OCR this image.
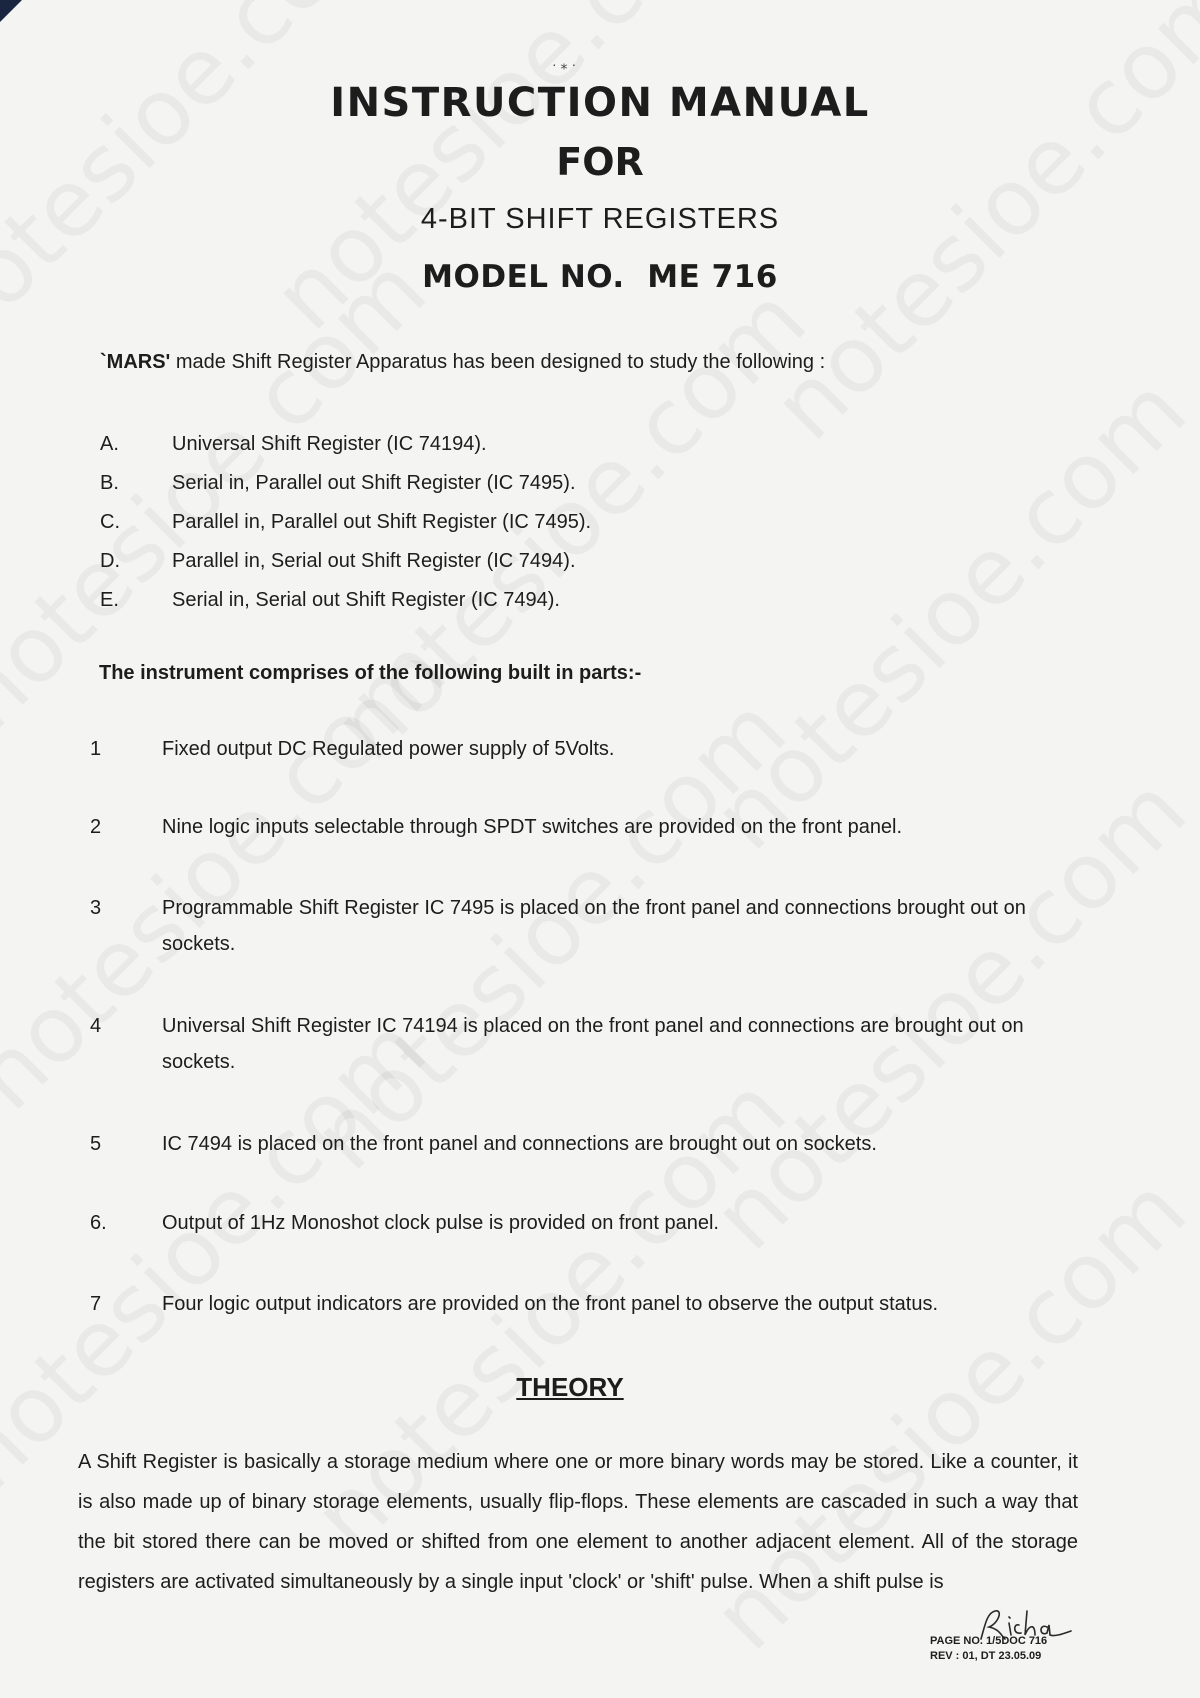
· ⁎ ·
INSTRUCTION MANUAL
FOR
4-BIT SHIFT REGISTERS
MODEL NO.  ME 716
`MARS' made Shift Register Apparatus has been designed to study the following :
A.	Universal Shift Register (IC 74194).
B.	Serial in, Parallel out Shift Register (IC 7495).
C.	Parallel in, Parallel out Shift Register (IC 7495).
D.	Parallel in, Serial out Shift Register (IC 7494).
E.	Serial in, Serial out Shift Register (IC 7494).
The instrument comprises of the following built in parts:-
1	Fixed output DC Regulated power supply of 5Volts.
2	Nine logic inputs selectable through SPDT switches are provided on the front panel.
3	Programmable Shift Register IC 7495 is placed on the front panel and connections brought out on sockets.
4	Universal Shift Register IC 74194 is placed on the front panel and connections are brought out on sockets.
5	IC 7494 is placed on the front panel and connections are brought out on sockets.
6.	Output of 1Hz Monoshot clock pulse is provided on front panel.
7	Four logic output indicators are provided on the front panel to observe the output status.
THEORY
A Shift Register is basically a storage medium where one or more binary words may be stored. Like a counter, it is also made up of binary storage elements, usually flip-flops. These elements are cascaded in such a way that the bit stored there can be moved or shifted from one element to another adjacent element. All of the storage registers are activated simultaneously by a single input 'clock' or 'shift' pulse. When a shift pulse is
PAGE NO. 1/5DOC 716
REV : 01, DT 23.05.09
